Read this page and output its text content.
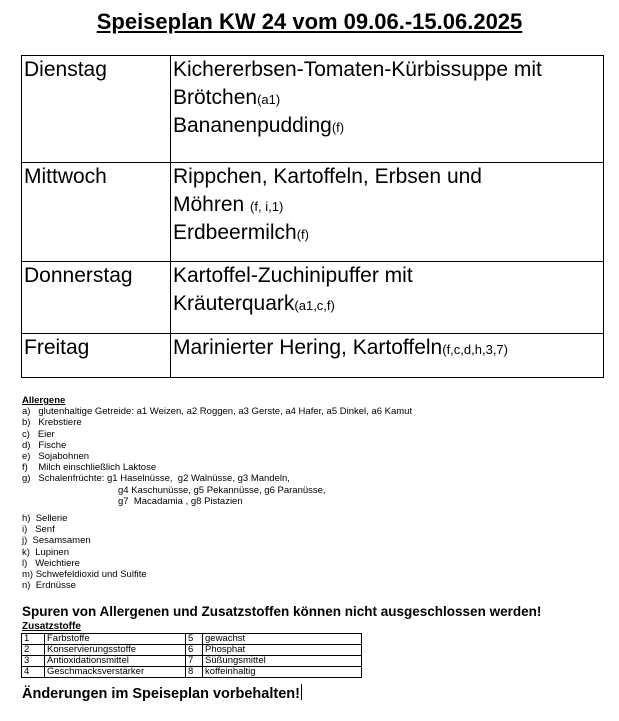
Speiseplan KW 24 vom 09.06.-15.06.2025
Dienstag	Kichererbsen-Tomaten-Kürbissuppe mit
Brötchen(a1)
Bananenpudding(f)

Mittwoch	Rippchen, Kartoffeln, Erbsen und
Möhren (f, i,1)
Erdbeermilch(f)

Donnerstag	Kartoffel-Zuchinipuffer mit
Kräuterquark(a1,c,f)

Freitag	Marinierter Hering, Kartoffeln(f,c,d,h,3,7)
Allergene
a)   glutenhaltige Getreide: a1 Weizen, a2 Roggen, a3 Gerste, a4 Hafer, a5 Dinkel, a6 Kamut
b)   Krebstiere
c)   Eier
d)   Fische
e)   Sojabohnen
f)    Milch einschließlich Laktose
g)   Schalenfrüchte: g1 Haselnüsse,  g2 Walnüsse, g3 Mandeln,
g4 Kaschunüsse, g5 Pekannüsse, g6 Paranüsse,
g7  Macadamia , g8 Pistazien
h)  Sellerie
i)   Senf
j)  Sesamsamen
k)  Lupinen
l)   Weichtiere
m) Schwefeldioxid und Sulfite
n)  Erdnüsse
Spuren von Allergenen und Zusatzstoffen können nicht ausgeschlossen werden!
Zusatzstoffe
1	Farbstoffe	5	gewachst
2	Konservierungsstoffe	6	Phosphat
3	Antioxidationsmittel	7	Süßungsmittel
4	Geschmacksverstärker	8	koffeinhaltig
Änderungen im Speiseplan vorbehalten!
